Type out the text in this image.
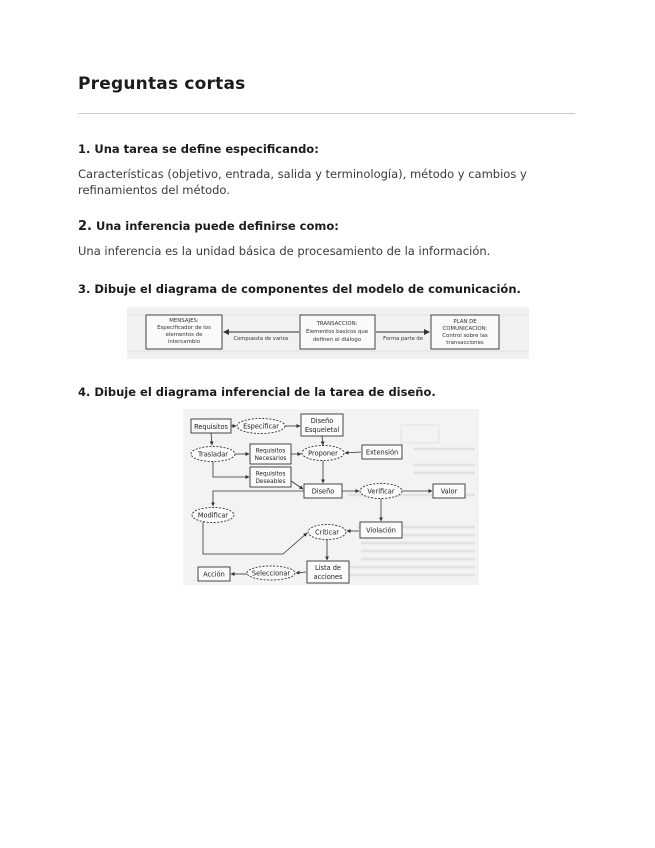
Preguntas cortas

1. Una tarea se define especificando:

Características (objetivo, entrada, salida y terminología), método y cambios y refinamientos del método.

2. Una inferencia puede definirse como:

Una inferencia es la unidad básica de procesamiento de la información.

3. Dibuje el diagrama de componentes del modelo de comunicación.

MENSAJES:
Especificador de los
elementos de
intercambio
TRANSACCION:
Elementos basicos que
definen el diálogo
PLAN DE
COMUNICACION:
Control sobre las
transacciones
Compuesta de varios	Forma parte de

4. Dibuje el diagrama inferencial de la tarea de diseño.

Requisitos Especificar
Diseño
Esqueletal
Trasladar	Proponer	Extensión
Diseño	Verificar	Valor
Modificar
Criticar	Violación
Lista de
acciones
Seleccionar
Acción
Requisitos
Necesarios
Requisitos
Deseables
